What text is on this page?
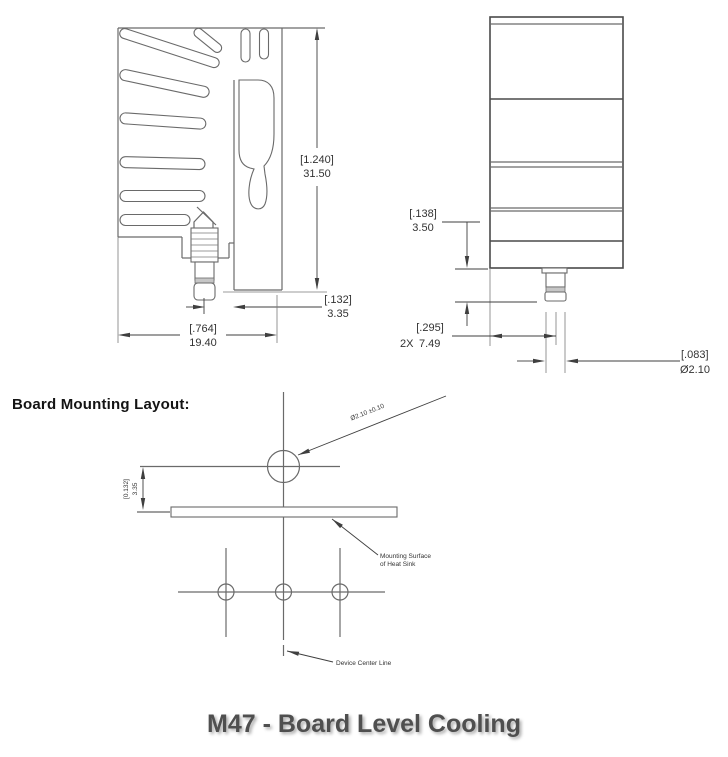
[1.240]
31.50
[.132]
3.35
[.764]
19.40
[.138]
3.50
[.295]
2X 7.49
[.083]
Ø2.10
Ø2.10 ±0.10
[0.132] 3.35
Mounting Surface
of Heat Sink
Device Center Line
Board Mounting Layout:
M47 - Board Level Cooling
